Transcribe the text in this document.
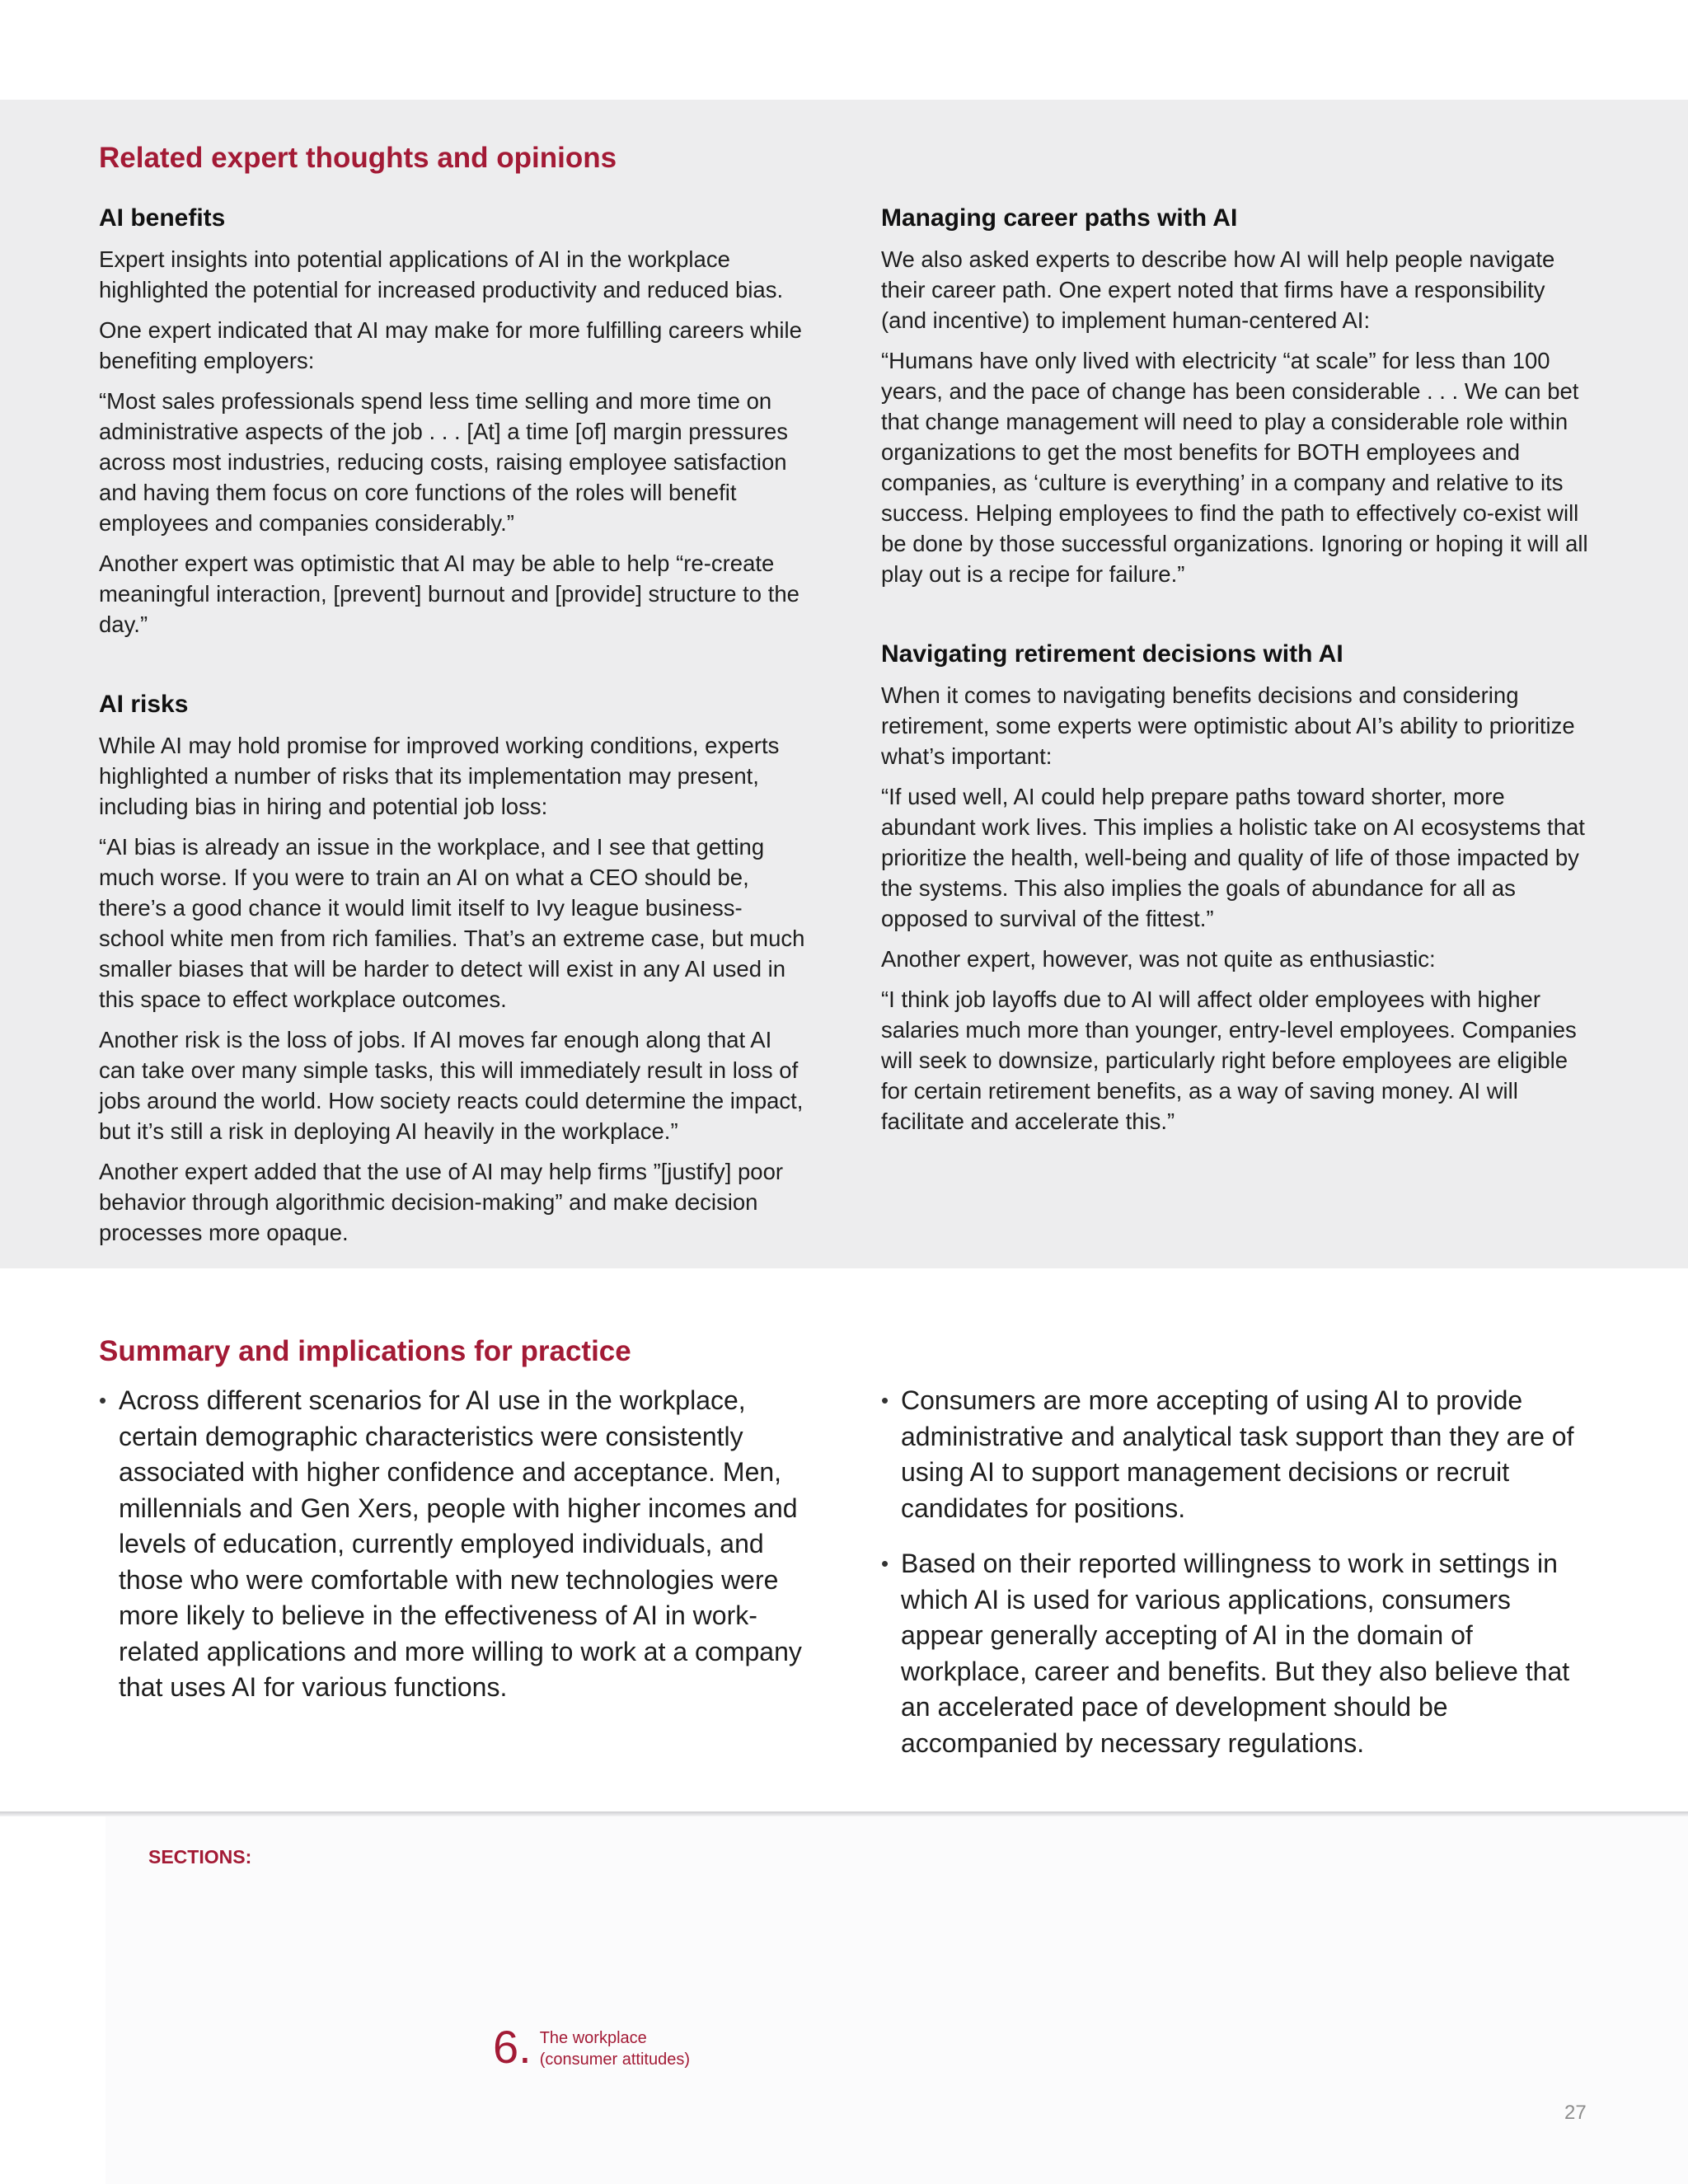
Related expert thoughts and opinions
AI benefits

Expert insights into potential applications of AI in the workplace highlighted the potential for increased productivity and reduced bias.

One expert indicated that AI may make for more fulfilling careers while benefiting employers:

“Most sales professionals spend less time selling and more time on administrative aspects of the job . . . [At] a time [of] margin pressures across most industries, reducing costs, raising employee satisfaction and having them focus on core functions of the roles will benefit employees and companies considerably.”

Another expert was optimistic that AI may be able to help “re-create meaningful interaction, [prevent] burnout and [provide] structure to the day.”

AI risks

While AI may hold promise for improved working conditions, experts highlighted a number of risks that its implementation may present, including bias in hiring and potential job loss:

“AI bias is already an issue in the workplace, and I see that getting much worse. If you were to train an AI on what a CEO should be, there’s a good chance it would limit itself to Ivy league business-school white men from rich families. That’s an extreme case, but much smaller biases that will be harder to detect will exist in any AI used in this space to effect workplace outcomes.

Another risk is the loss of jobs. If AI moves far enough along that AI can take over many simple tasks, this will immediately result in loss of jobs around the world. How society reacts could determine the impact, but it’s still a risk in deploying AI heavily in the workplace.”

Another expert added that the use of AI may help firms ”[justify] poor behavior through algorithmic decision-making” and make decision processes more opaque.

Managing career paths with AI

We also asked experts to describe how AI will help people navigate their career path. One expert noted that firms have a responsibility (and incentive) to implement human-centered AI:

“Humans have only lived with electricity “at scale” for less than 100 years, and the pace of change has been considerable . . . We can bet that change management will need to play a considerable role within organizations to get the most benefits for BOTH employees and companies, as ‘culture is everything’ in a company and relative to its success. Helping employees to find the path to effectively co-exist will be done by those successful organizations. Ignoring or hoping it will all play out is a recipe for failure.”

Navigating retirement decisions with AI

When it comes to navigating benefits decisions and considering retirement, some experts were optimistic about AI’s ability to prioritize what’s important:

“If used well, AI could help prepare paths toward shorter, more abundant work lives. This implies a holistic take on AI ecosystems that prioritize the health, well-being and quality of life of those impacted by the systems. This also implies the goals of abundance for all as opposed to survival of the fittest.”

Another expert, however, was not quite as enthusiastic:

“I think job layoffs due to AI will affect older employees with higher salaries much more than younger, entry-level employees. Companies will seek to downsize, particularly right before employees are eligible for certain retirement benefits, as a way of saving money. AI will facilitate and accelerate this.”

Summary and implications for practice
• Across different scenarios for AI use in the workplace, certain demographic characteristics were consistently associated with higher confidence and acceptance. Men, millennials and Gen Xers, people with higher incomes and levels of education, currently employed individuals, and those who were comfortable with new technologies were more likely to believe in the effectiveness of AI in work-related applications and more willing to work at a company that uses AI for various functions.
• Consumers are more accepting of using AI to provide administrative and analytical task support than they are of using AI to support management decisions or recruit candidates for positions.
• Based on their reported willingness to work in settings in which AI is used for various applications, consumers appear generally accepting of AI in the domain of workplace, career and benefits. But they also believe that an accelerated pace of development should be accompanied by necessary regulations.
SECTIONS:
6. The workplace
(consumer attitudes)
27
